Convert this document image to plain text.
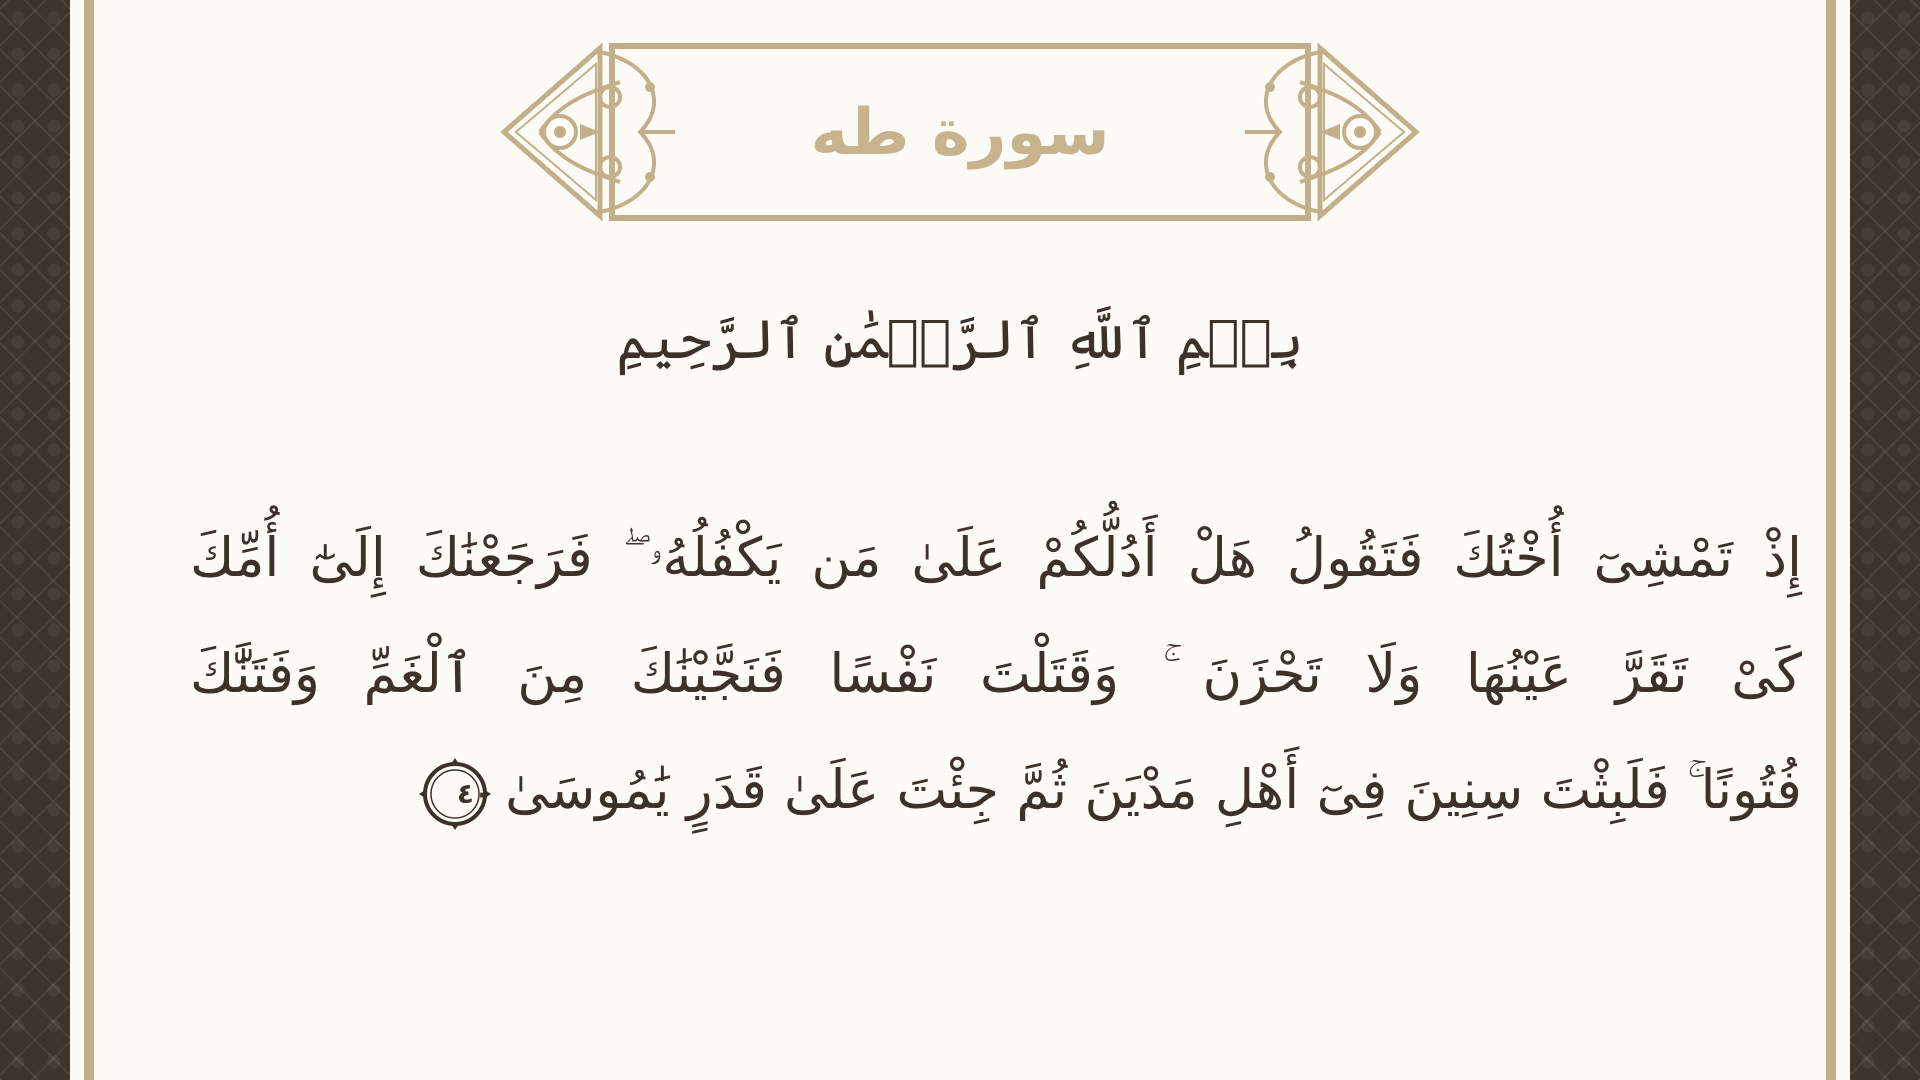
سورة طه
بِسۡمِ ٱللَّهِ ٱلرَّحۡمَٰنِ ٱلرَّحِيمِ
إِذْ تَمْشِىٓ أُخْتُكَ فَتَقُولُ هَلْ أَدُلُّكُمْ عَلَىٰ مَن يَكْفُلُهُۥ ۖ فَرَجَعْنَٰكَ إِلَىٰٓ أُمِّكَ
كَىْ تَقَرَّ عَيْنُهَا وَلَا تَحْزَنَ ۚ وَقَتَلْتَ نَفْسًا فَنَجَّيْنَٰكَ مِنَ ٱلْغَمِّ وَفَتَنَّٰكَ
فُتُونًا ۚ فَلَبِثْتَ سِنِينَ فِىٓ أَهْلِ مَدْيَنَ ثُمَّ جِئْتَ عَلَىٰ قَدَرٍ يَٰمُوسَىٰ
٤٠
